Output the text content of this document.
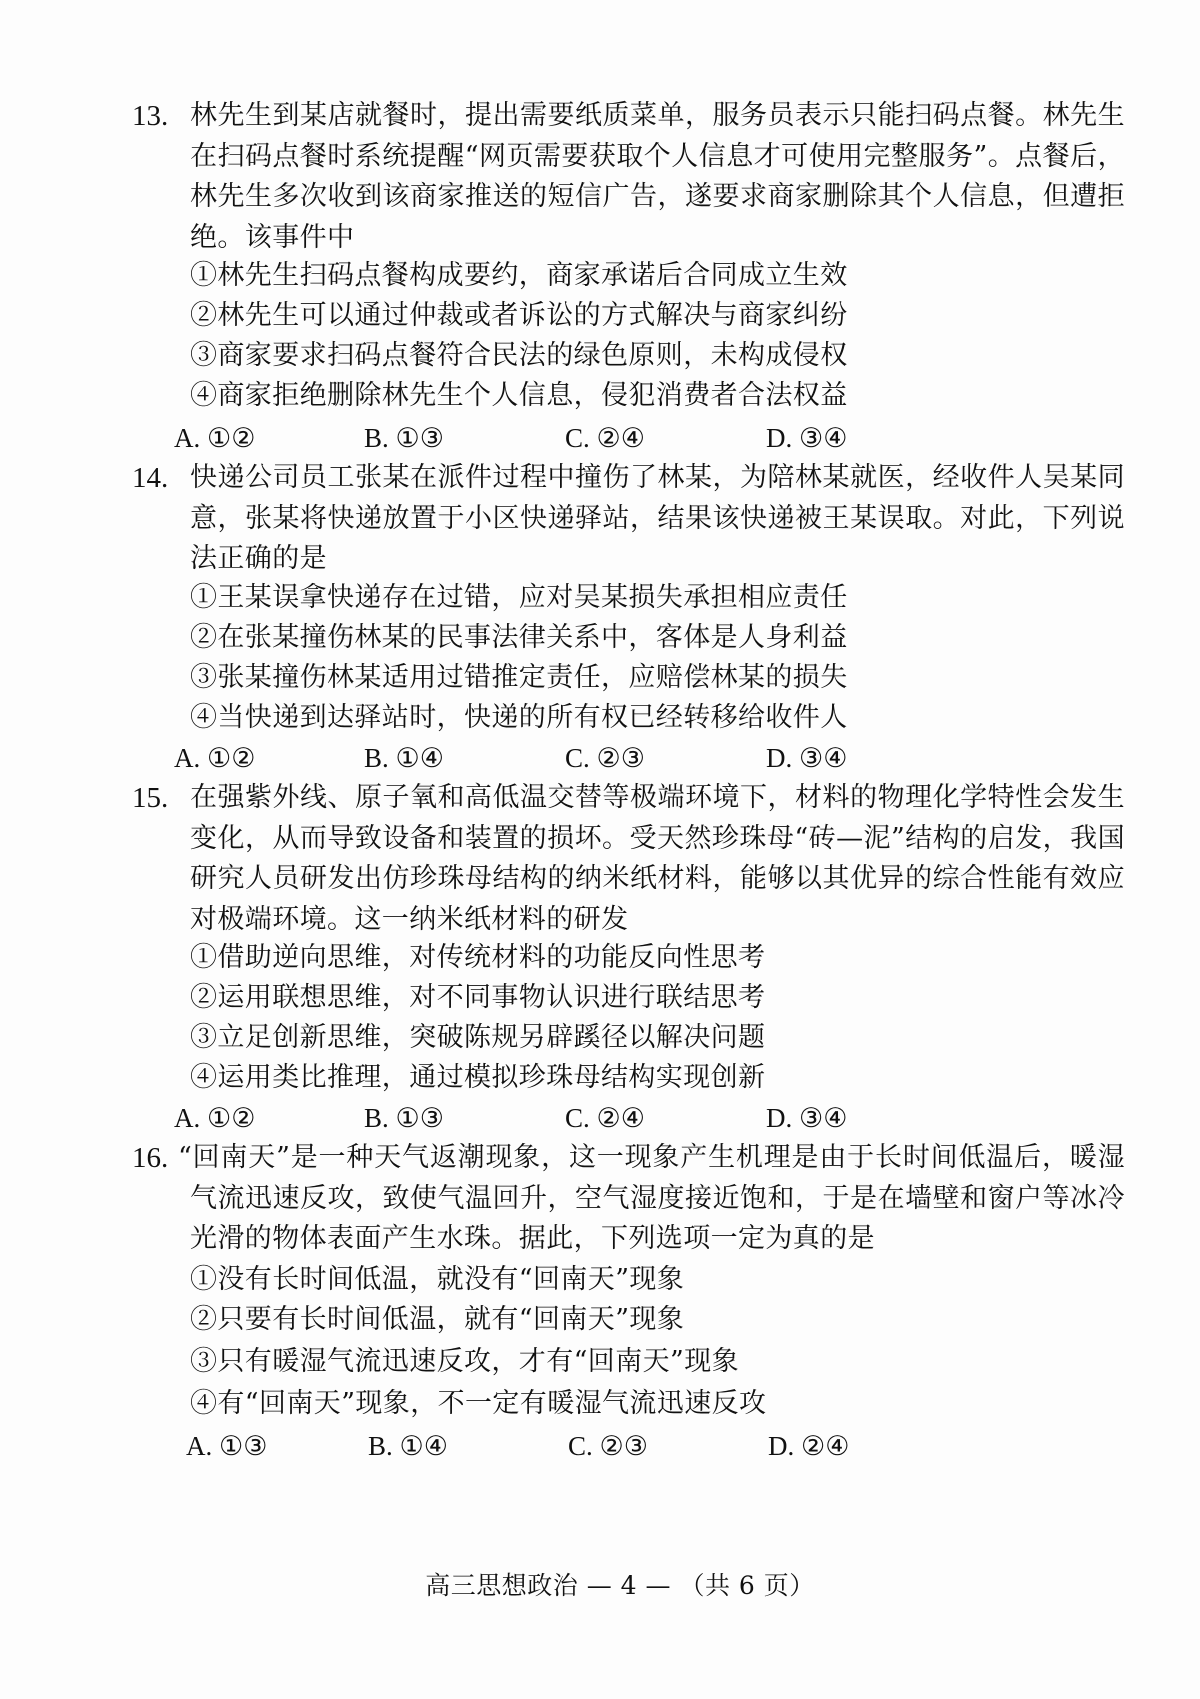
13. 林先生到某店就餐时，提出需要纸质菜单，服务员表示只能扫码点餐。林先生在扫码点餐时系统提醒“网页需要获取个人信息才可使用完整服务”。点餐后，林先生多次收到该商家推送的短信广告，遂要求商家删除其个人信息，但遭拒绝。该事件中
①林先生扫码点餐构成要约，商家承诺后合同成立生效
②林先生可以通过仲裁或者诉讼的方式解决与商家纠纷
③商家要求扫码点餐符合民法的绿色原则，未构成侵权
④商家拒绝删除林先生个人信息，侵犯消费者合法权益
A. ①②	B. ①③	C. ②④	D. ③④
14. 快递公司员工张某在派件过程中撞伤了林某，为陪林某就医，经收件人吴某同意，张某将快递放置于小区快递驿站，结果该快递被王某误取。对此，下列说法正确的是
①王某误拿快递存在过错，应对吴某损失承担相应责任
②在张某撞伤林某的民事法律关系中，客体是人身利益
③张某撞伤林某适用过错推定责任，应赔偿林某的损失
④当快递到达驿站时，快递的所有权已经转移给收件人
A. ①②	B. ①④	C. ②③	D. ③④
15. 在强紫外线、原子氧和高低温交替等极端环境下，材料的物理化学特性会发生变化，从而导致设备和装置的损坏。受天然珍珠母“砖—泥”结构的启发，我国研究人员研发出仿珍珠母结构的纳米纸材料，能够以其优异的综合性能有效应对极端环境。这一纳米纸材料的研发
①借助逆向思维，对传统材料的功能反向性思考
②运用联想思维，对不同事物认识进行联结思考
③立足创新思维，突破陈规另辟蹊径以解决问题
④运用类比推理，通过模拟珍珠母结构实现创新
A. ①②	B. ①③	C. ②④	D. ③④
16. “回南天”是一种天气返潮现象，这一现象产生机理是由于长时间低温后，暖湿气流迅速反攻，致使气温回升，空气湿度接近饱和，于是在墙壁和窗户等冰冷光滑的物体表面产生水珠。据此，下列选项一定为真的是
①没有长时间低温，就没有“回南天”现象
②只要有长时间低温，就有“回南天”现象
③只有暖湿气流迅速反攻，才有“回南天”现象
④有“回南天”现象，不一定有暖湿气流迅速反攻
A. ①③	B. ①④	C. ②③	D. ②④
高三思想政治 — 4 — （共 6 页）
